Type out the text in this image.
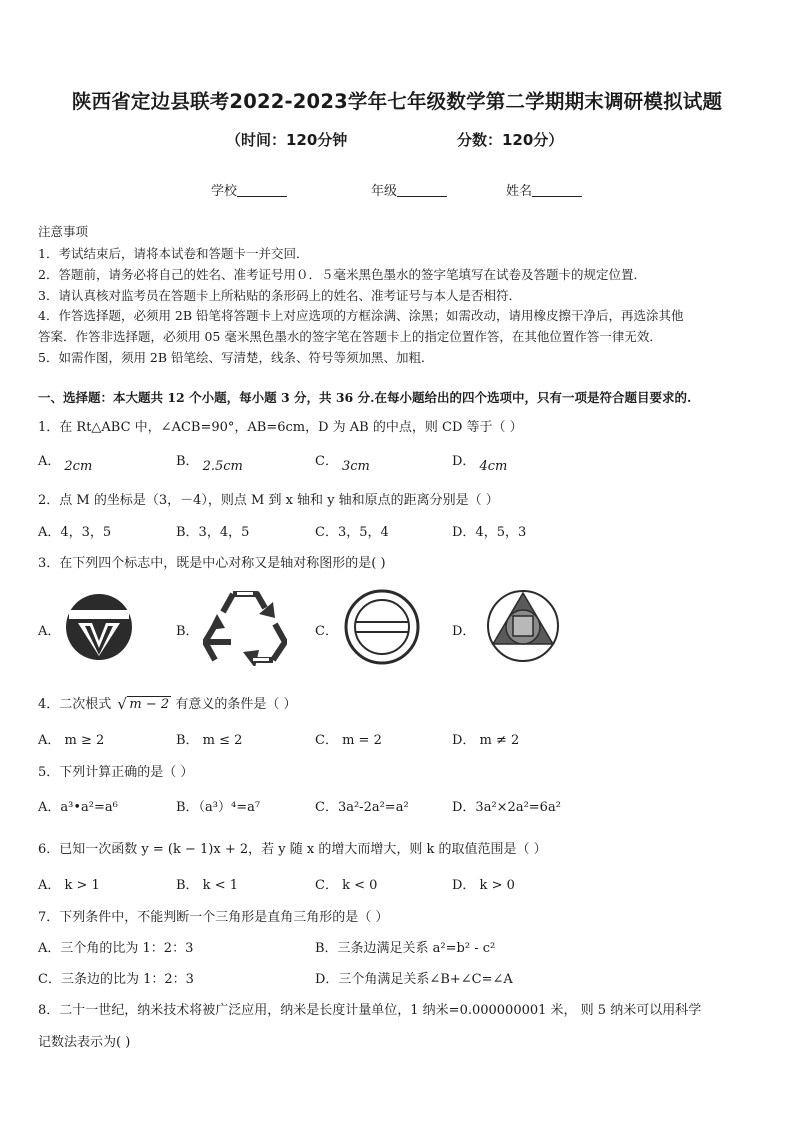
陕西省定边县联考2022-2023学年七年级数学第二学期期末调研模拟试题
（时间：120分钟	分数：120分）
学校	年级	姓名
注意事项
1．考试结束后，请将本试卷和答题卡一并交回．
2．答题前，请务必将自己的姓名、准考证号用０．５毫米黑色墨水的签字笔填写在试卷及答题卡的规定位置．
3．请认真核对监考员在答题卡上所粘贴的条形码上的姓名、准考证号与本人是否相符．
4．作答选择题，必须用 2B 铅笔将答题卡上对应选项的方框涂满、涂黑；如需改动，请用橡皮擦干净后，再选涂其他
答案．作答非选择题，必须用 05 毫米黑色墨水的签字笔在答题卡上的指定位置作答，在其他位置作答一律无效．
5．如需作图，须用 2B 铅笔绘、写清楚，线条、符号等须加黑、加粗．
一、选择题：本大题共 12 个小题，每小题 3 分，共 36 分.在每小题给出的四个选项中，只有一项是符合题目要求的.
1．在 Rt△ABC 中，∠ACB=90°，AB=6cm，D 为 AB 的中点，则 CD 等于（ ）
A． 2cm	B． 2.5cm	C． 3cm	D． 4cm
2．点 M 的坐标是（3，－4），则点 M 到 x 轴和 y 轴和原点的距离分别是（ ）
A．4，3，5	B．3，4，5	C．3，5，4	D．4，5，3
3．在下列四个标志中，既是中心对称又是轴对称图形的是( )
A．	B．	C．	D．
4．二次根式 √ m − 2 有意义的条件是（ ）
A． m ≥ 2	B． m ≤ 2	C． m = 2	D． m ≠ 2
5．下列计算正确的是（ ）
A．a³•a²=a⁶	B．（a³）⁴=a⁷	C．3a²-2a²=a²	D．3a²×2a²=6a²
6．已知一次函数 y = (k − 1)x + 2，若 y 随 x 的增大而增大，则 k 的取值范围是（ ）
A． k > 1	B． k < 1	C． k < 0	D． k > 0
7．下列条件中，不能判断一个三角形是直角三角形的是（ ）
A．三个角的比为 1：2：3	B．三条边满足关系 a²=b² - c²
C．三条边的比为 1：2：3	D．三个角满足关系∠B+∠C=∠A
8．二十一世纪，纳米技术将被广泛应用，纳米是长度计量单位，1 纳米=0.000000001 米， 则 5 纳米可以用科学
记数法表示为( )
